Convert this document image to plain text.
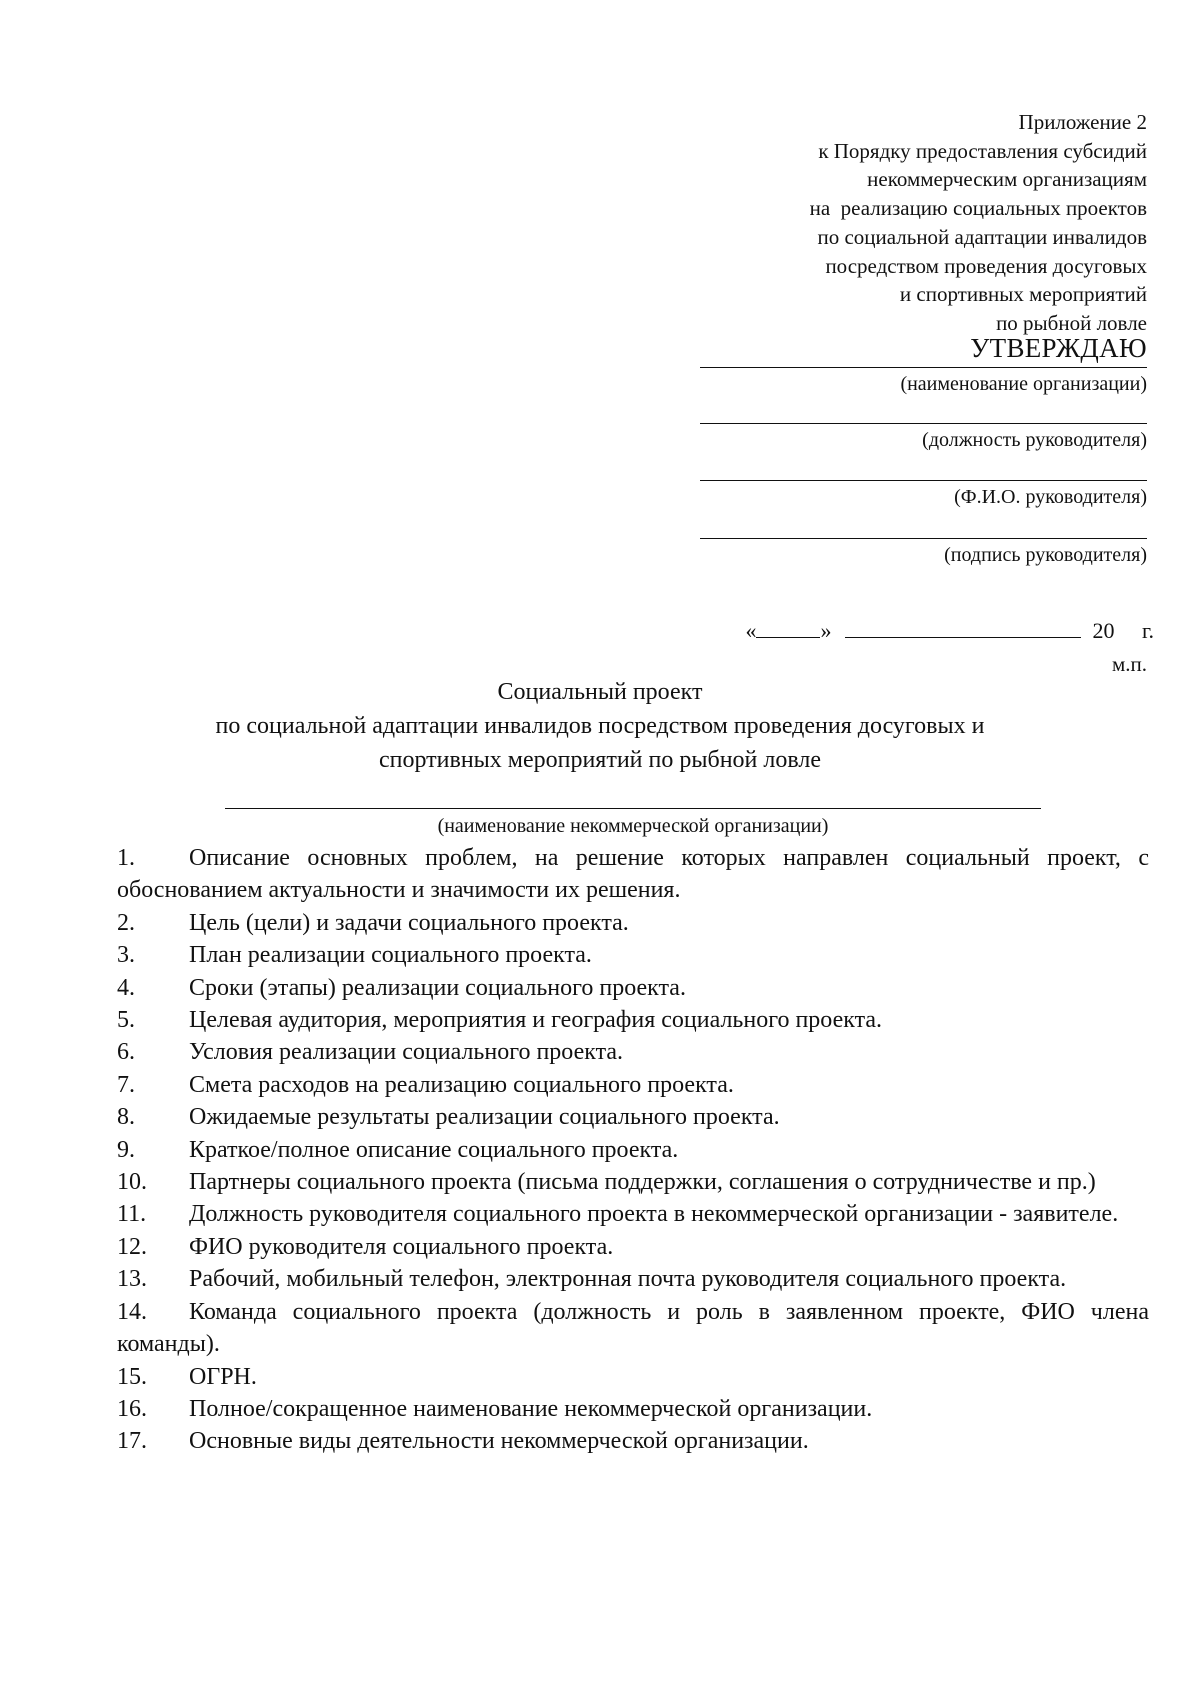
Приложение 2
к Порядку предоставления субсидий
некоммерческим организациям
на  реализацию социальных проектов
по социальной адаптации инвалидов
посредством проведения досуговых
и спортивных мероприятий
по рыбной ловле
УТВЕРЖДАЮ
(наименование организации)
(должность руководителя)
(Ф.И.О. руководителя)
(подпись руководителя)
«	»	20 г.
м.п.
Социальный проект
по социальной адаптации инвалидов посредством проведения досуговых и
спортивных мероприятий по рыбной ловле
(наименование некоммерческой организации)
1. Описание основных проблем, на решение которых направлен социальный проект, с обоснованием актуальности и значимости их решения.
2. Цель (цели) и задачи социального проекта.
3. План реализации социального проекта.
4. Сроки (этапы) реализации социального проекта.
5. Целевая аудитория, мероприятия и география социального проекта.
6. Условия реализации социального проекта.
7. Смета расходов на реализацию социального проекта.
8. Ожидаемые результаты реализации социального проекта.
9. Краткое/полное описание социального проекта.
10. Партнеры социального проекта (письма поддержки, соглашения о сотрудничестве и пр.)
11. Должность руководителя социального проекта в некоммерческой организации - заявителе.
12. ФИО руководителя социального проекта.
13. Рабочий, мобильный телефон, электронная почта руководителя социального проекта.
14. Команда социального проекта (должность и роль в заявленном проекте, ФИО члена команды).
15. ОГРН.
16. Полное/сокращенное наименование некоммерческой организации.
17. Основные виды деятельности некоммерческой организации.
